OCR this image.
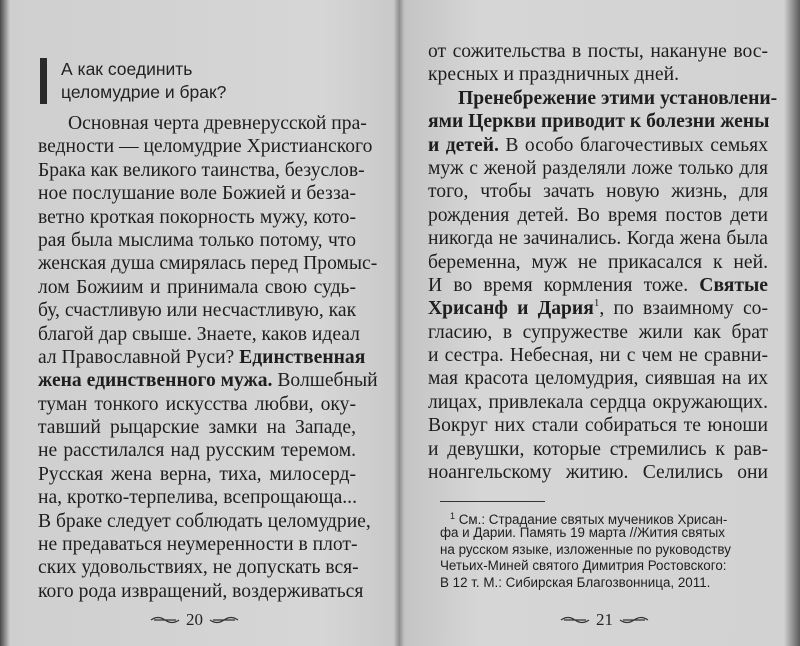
А как соединить
целомудрие и брак?
Основная черта древнерусской пра-
ведности — целомудрие Христианского
Брака как великого таинства, безуслов-
ное послушание воле Божией и безза-
ветно кроткая покорность мужу, кото-
рая была мыслима только потому, что
женская душа смирялась перед Промыс-
лом Божиим и принимала свою судь-
бу, счастливую или несчастливую, как
благой дар свыше. Знаете, каков идеал
ал Православной Руси? Единственная
жена единственного мужа. Волшебный
туман тонкого искусства любви, оку-
тавший рыцарские замки на Западе,
не расстилался над русским теремом.
Русская жена верна, тиха, милосерд-
на, кротко-терпелива, всепрощающа...
В браке следует соблюдать целомудрие,
не предаваться неумеренности в плот-
ских удовольствиях, не допускать вся-
кого рода извращений, воздерживаться
20
от сожительства в посты, накануне вос-
кресных и праздничных дней.
Пренебрежение этими установлени-
ями Церкви приводит к болезни жены
и детей. В особо благочестивых семьях
муж с женой разделяли ложе только для
того, чтобы зачать новую жизнь, для
рождения детей. Во время постов дети
никогда не зачинались. Когда жена была
беременна, муж не прикасался к ней.
И во время кормления тоже. Святые
Хрисанф и Дария$^1$, по взаимному со-
гласию, в супружестве жили как брат
и сестра. Небесная, ни с чем не сравни-
мая красота целомудрия, сиявшая на их
лицах, привлекала сердца окружающих.
Вокруг них стали собираться те юноши
и девушки, которые стремились к рав-
ноангельскому житию. Селились они
$^1$ См.: Страдание святых мучеников Хрисан-
фа и Дарии. Память 19 марта //Жития святых
на русском языке, изложенные по руководству
Четьих-Миней святого Димитрия Ростовского:
В 12 т. М.: Сибирская Благозвонница, 2011.
21
